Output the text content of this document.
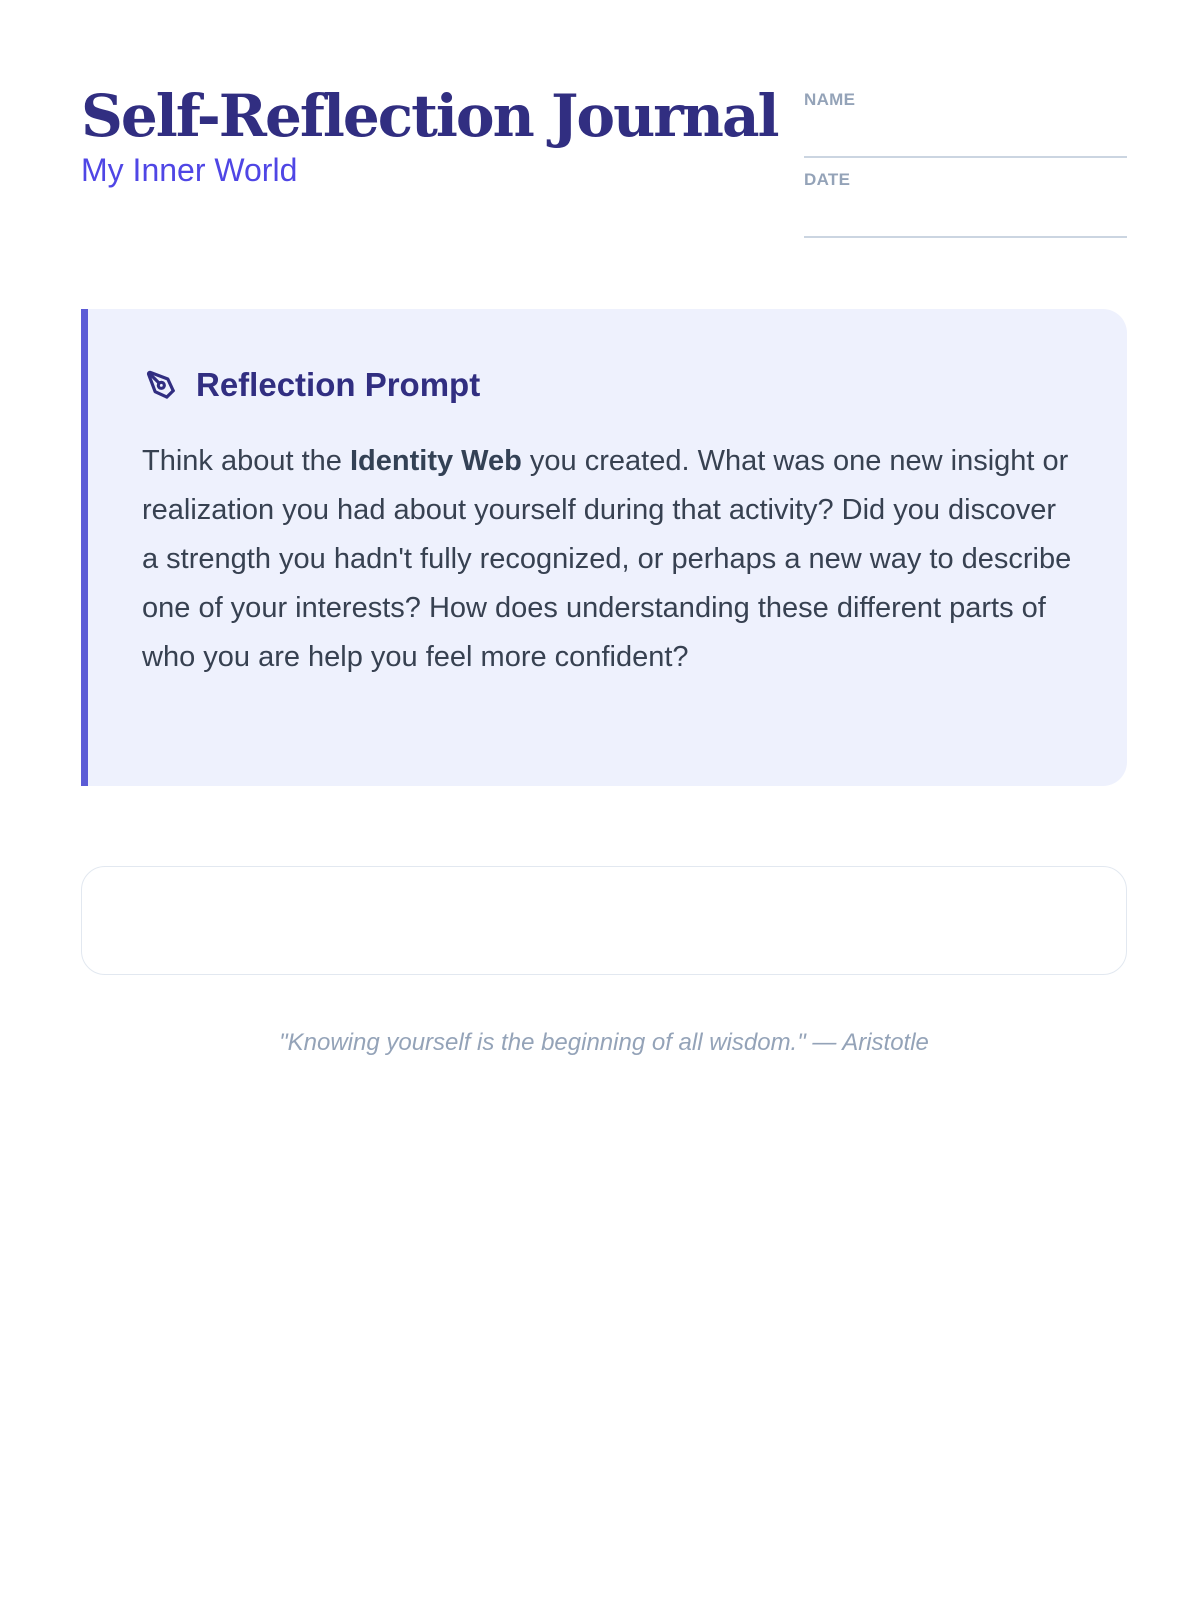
Self-Reflection Journal
My Inner World
NAME
DATE
Reflection Prompt

Think about the Identity Web you created. What was one new insight or realization you had about yourself during that activity? Did you discover a strength you hadn't fully recognized, or perhaps a new way to describe one of your interests? How does understanding these different parts of who you are help you feel more confident?

"Knowing yourself is the beginning of all wisdom." — Aristotle
